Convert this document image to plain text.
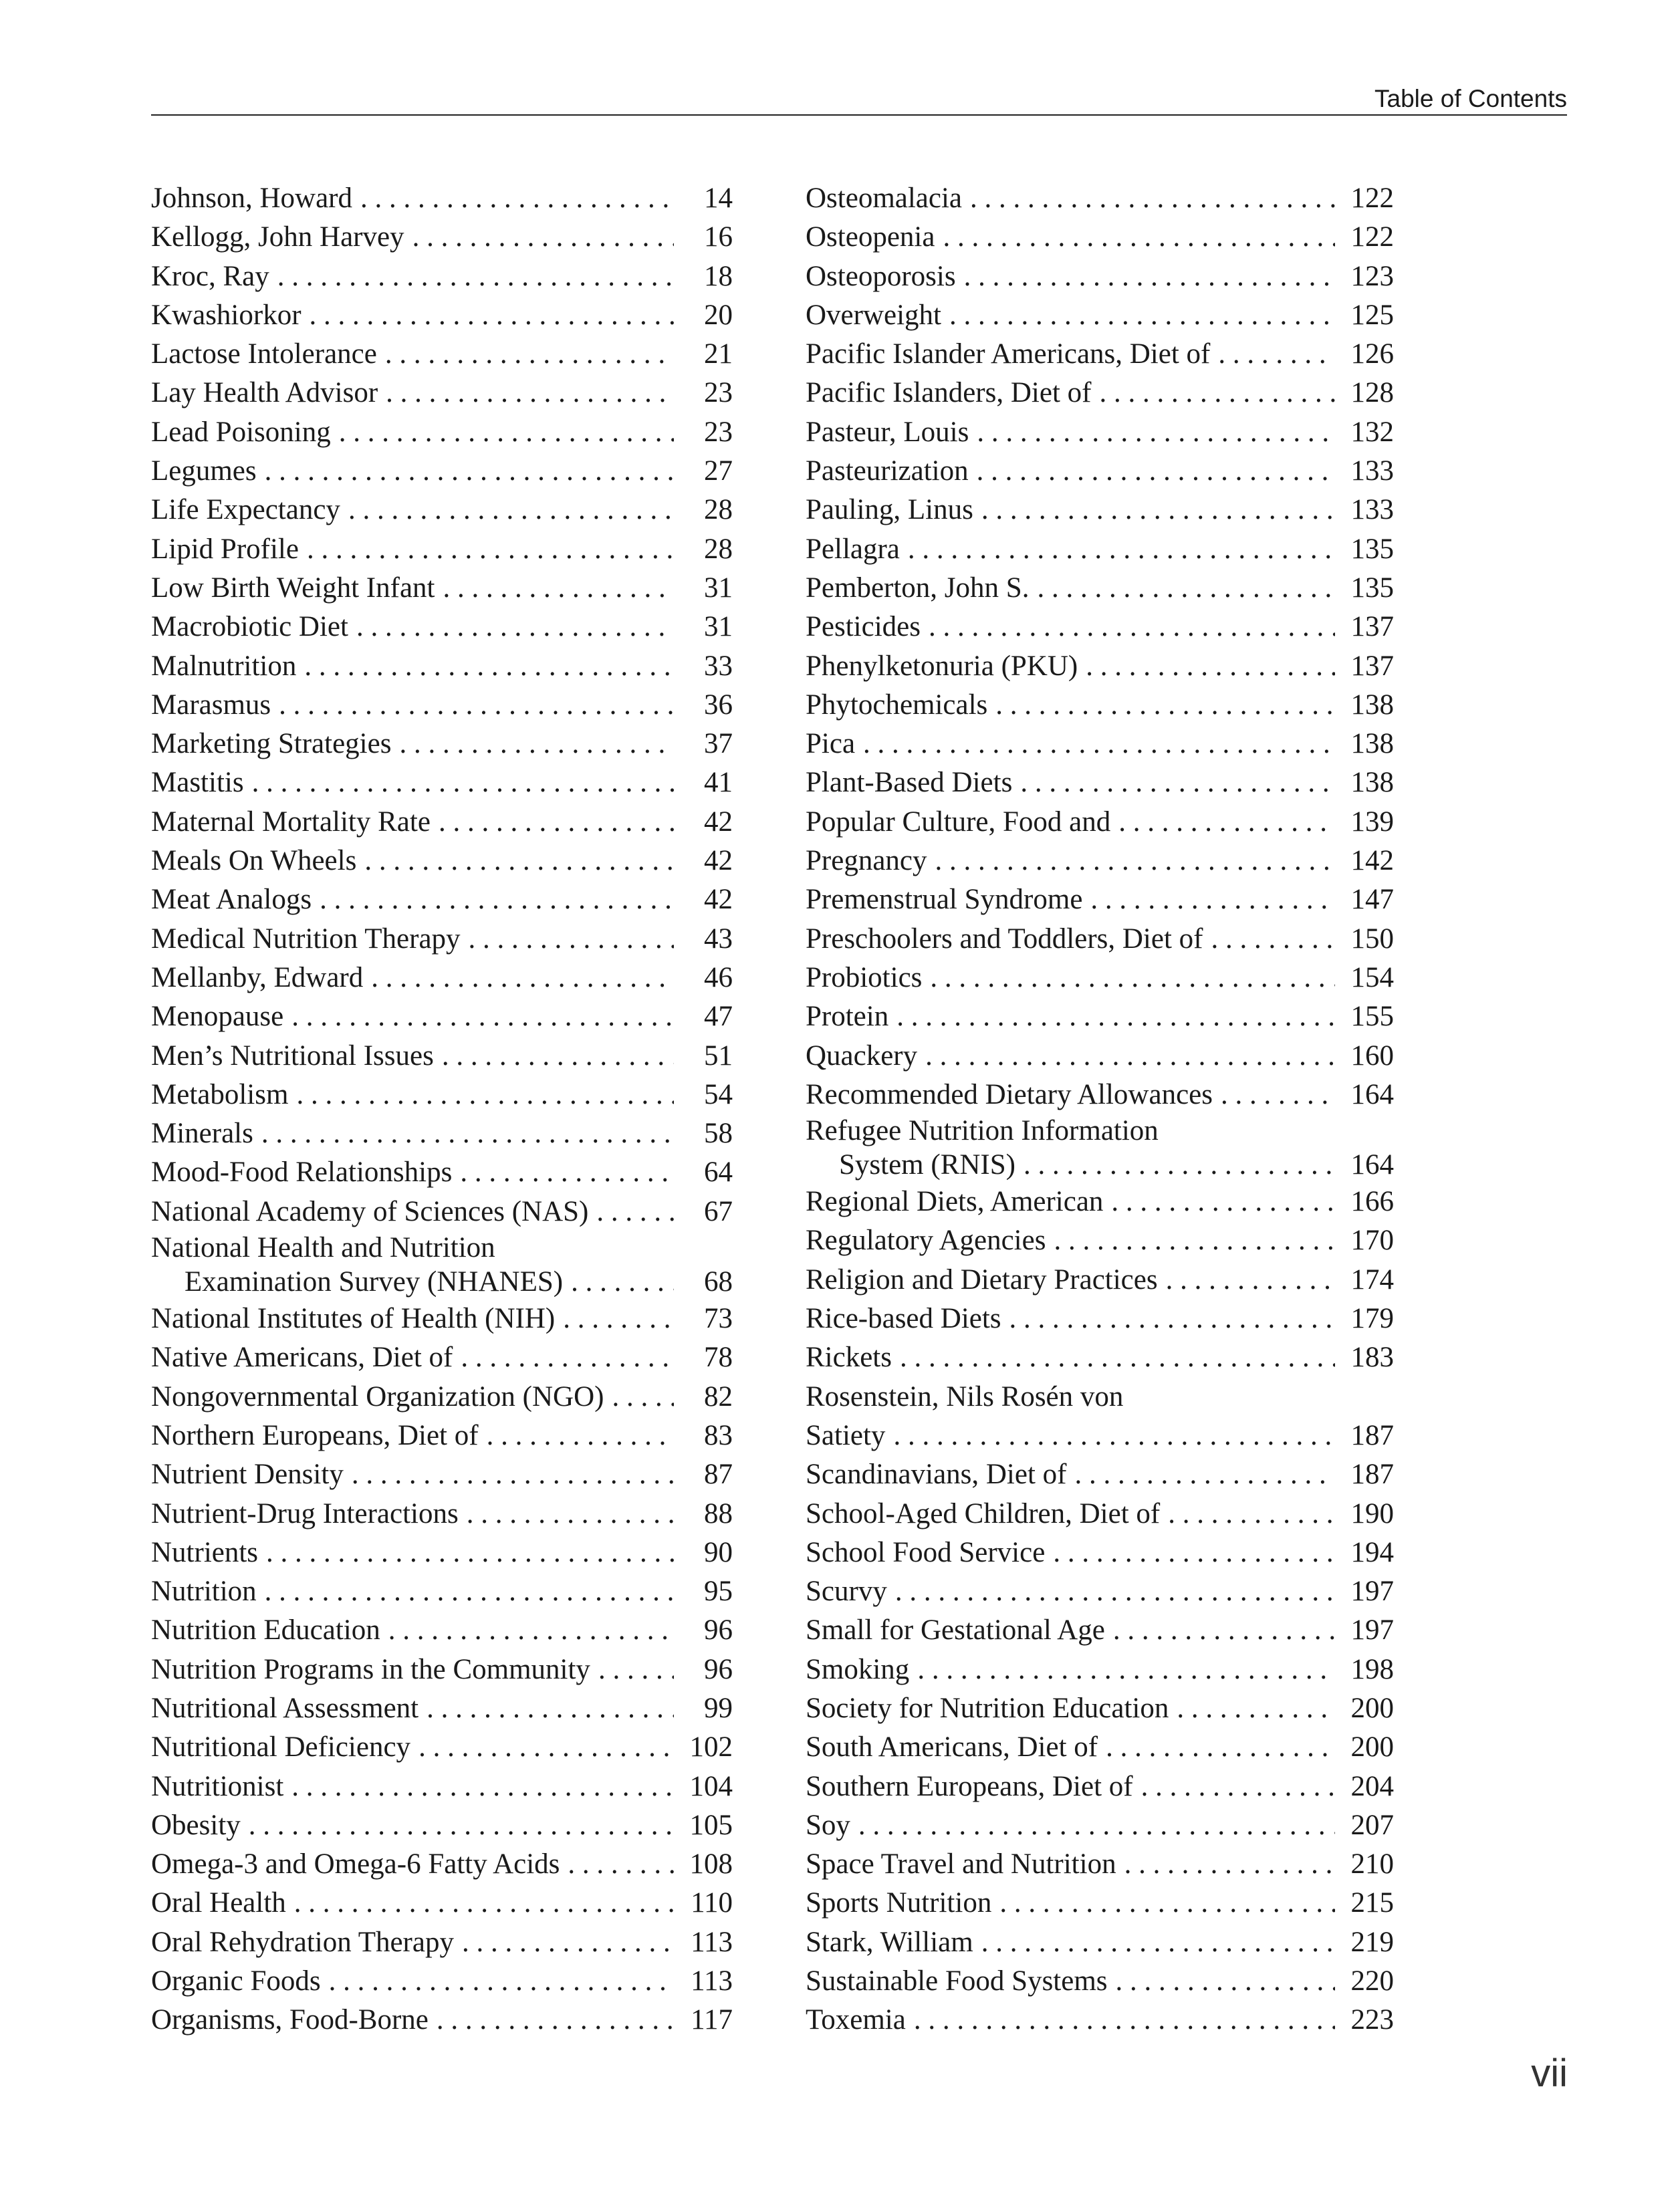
Table of Contents
Johnson, Howard . . .	14
Kellogg, John Harvey . . .	16
Kroc, Ray . . .	18
Kwashiorkor . . .	20
Lactose Intolerance . . .	21
Lay Health Advisor . . .	23
Lead Poisoning . . .	23
Legumes . . .	27
Life Expectancy . . .	28
Lipid Profile . . .	28
Low Birth Weight Infant . . .	31
Macrobiotic Diet . . .	31
Malnutrition . . .	33
Marasmus . . .	36
Marketing Strategies . . .	37
Mastitis . . .	41
Maternal Mortality Rate . . .	42
Meals On Wheels . . .	42
Meat Analogs . . .	42
Medical Nutrition Therapy . . .	43
Mellanby, Edward . . .	46
Menopause . . .	47
Men’s Nutritional Issues . . .	51
Metabolism . . .	54
Minerals . . .	58
Mood-Food Relationships . . .	64
National Academy of Sciences (NAS) . . .	67
National Health and Nutrition
Examination Survey (NHANES) . . .	68
National Institutes of Health (NIH) . . .	73
Native Americans, Diet of . . .	78
Nongovernmental Organization (NGO) . . .	82
Northern Europeans, Diet of . . .	83
Nutrient Density . . .	87
Nutrient-Drug Interactions . . .	88
Nutrients . . .	90
Nutrition . . .	95
Nutrition Education . . .	96
Nutrition Programs in the Community . . .	96
Nutritional Assessment . . .	99
Nutritional Deficiency . . .	102
Nutritionist . . .	104
Obesity . . .	105
Omega-3 and Omega-6 Fatty Acids . . .	108
Oral Health . . .	110
Oral Rehydration Therapy . . .	113
Organic Foods . . .	113
Organisms, Food-Borne . . .	117
Osteomalacia . . .	122
Osteopenia . . .	122
Osteoporosis . . .	123
Overweight . . .	125
Pacific Islander Americans, Diet of . . .	126
Pacific Islanders, Diet of . . .	128
Pasteur, Louis . . .	132
Pasteurization . . .	133
Pauling, Linus . . .	133
Pellagra . . .	135
Pemberton, John S. . . .	135
Pesticides . . .	137
Phenylketonuria (PKU) . . .	137
Phytochemicals . . .	138
Pica . . .	138
Plant-Based Diets . . .	138
Popular Culture, Food and . . .	139
Pregnancy . . .	142
Premenstrual Syndrome . . .	147
Preschoolers and Toddlers, Diet of . . .	150
Probiotics . . .	154
Protein . . .	155
Quackery . . .	160
Recommended Dietary Allowances . . .	164
Refugee Nutrition Information
System (RNIS) . . .	164
Regional Diets, American . . .	166
Regulatory Agencies . . .	170
Religion and Dietary Practices . . .	174
Rice-based Diets . . .	179
Rickets . . .	183
Rosenstein, Nils Rosén von
Satiety . . .	187
Scandinavians, Diet of . . .	187
School-Aged Children, Diet of . . .	190
School Food Service . . .	194
Scurvy . . .	197
Small for Gestational Age . . .	197
Smoking . . .	198
Society for Nutrition Education . . .	200
South Americans, Diet of . . .	200
Southern Europeans, Diet of . . .	204
Soy . . .	207
Space Travel and Nutrition . . .	210
Sports Nutrition . . .	215
Stark, William . . .	219
Sustainable Food Systems . . .	220
Toxemia . . .	223
vii
